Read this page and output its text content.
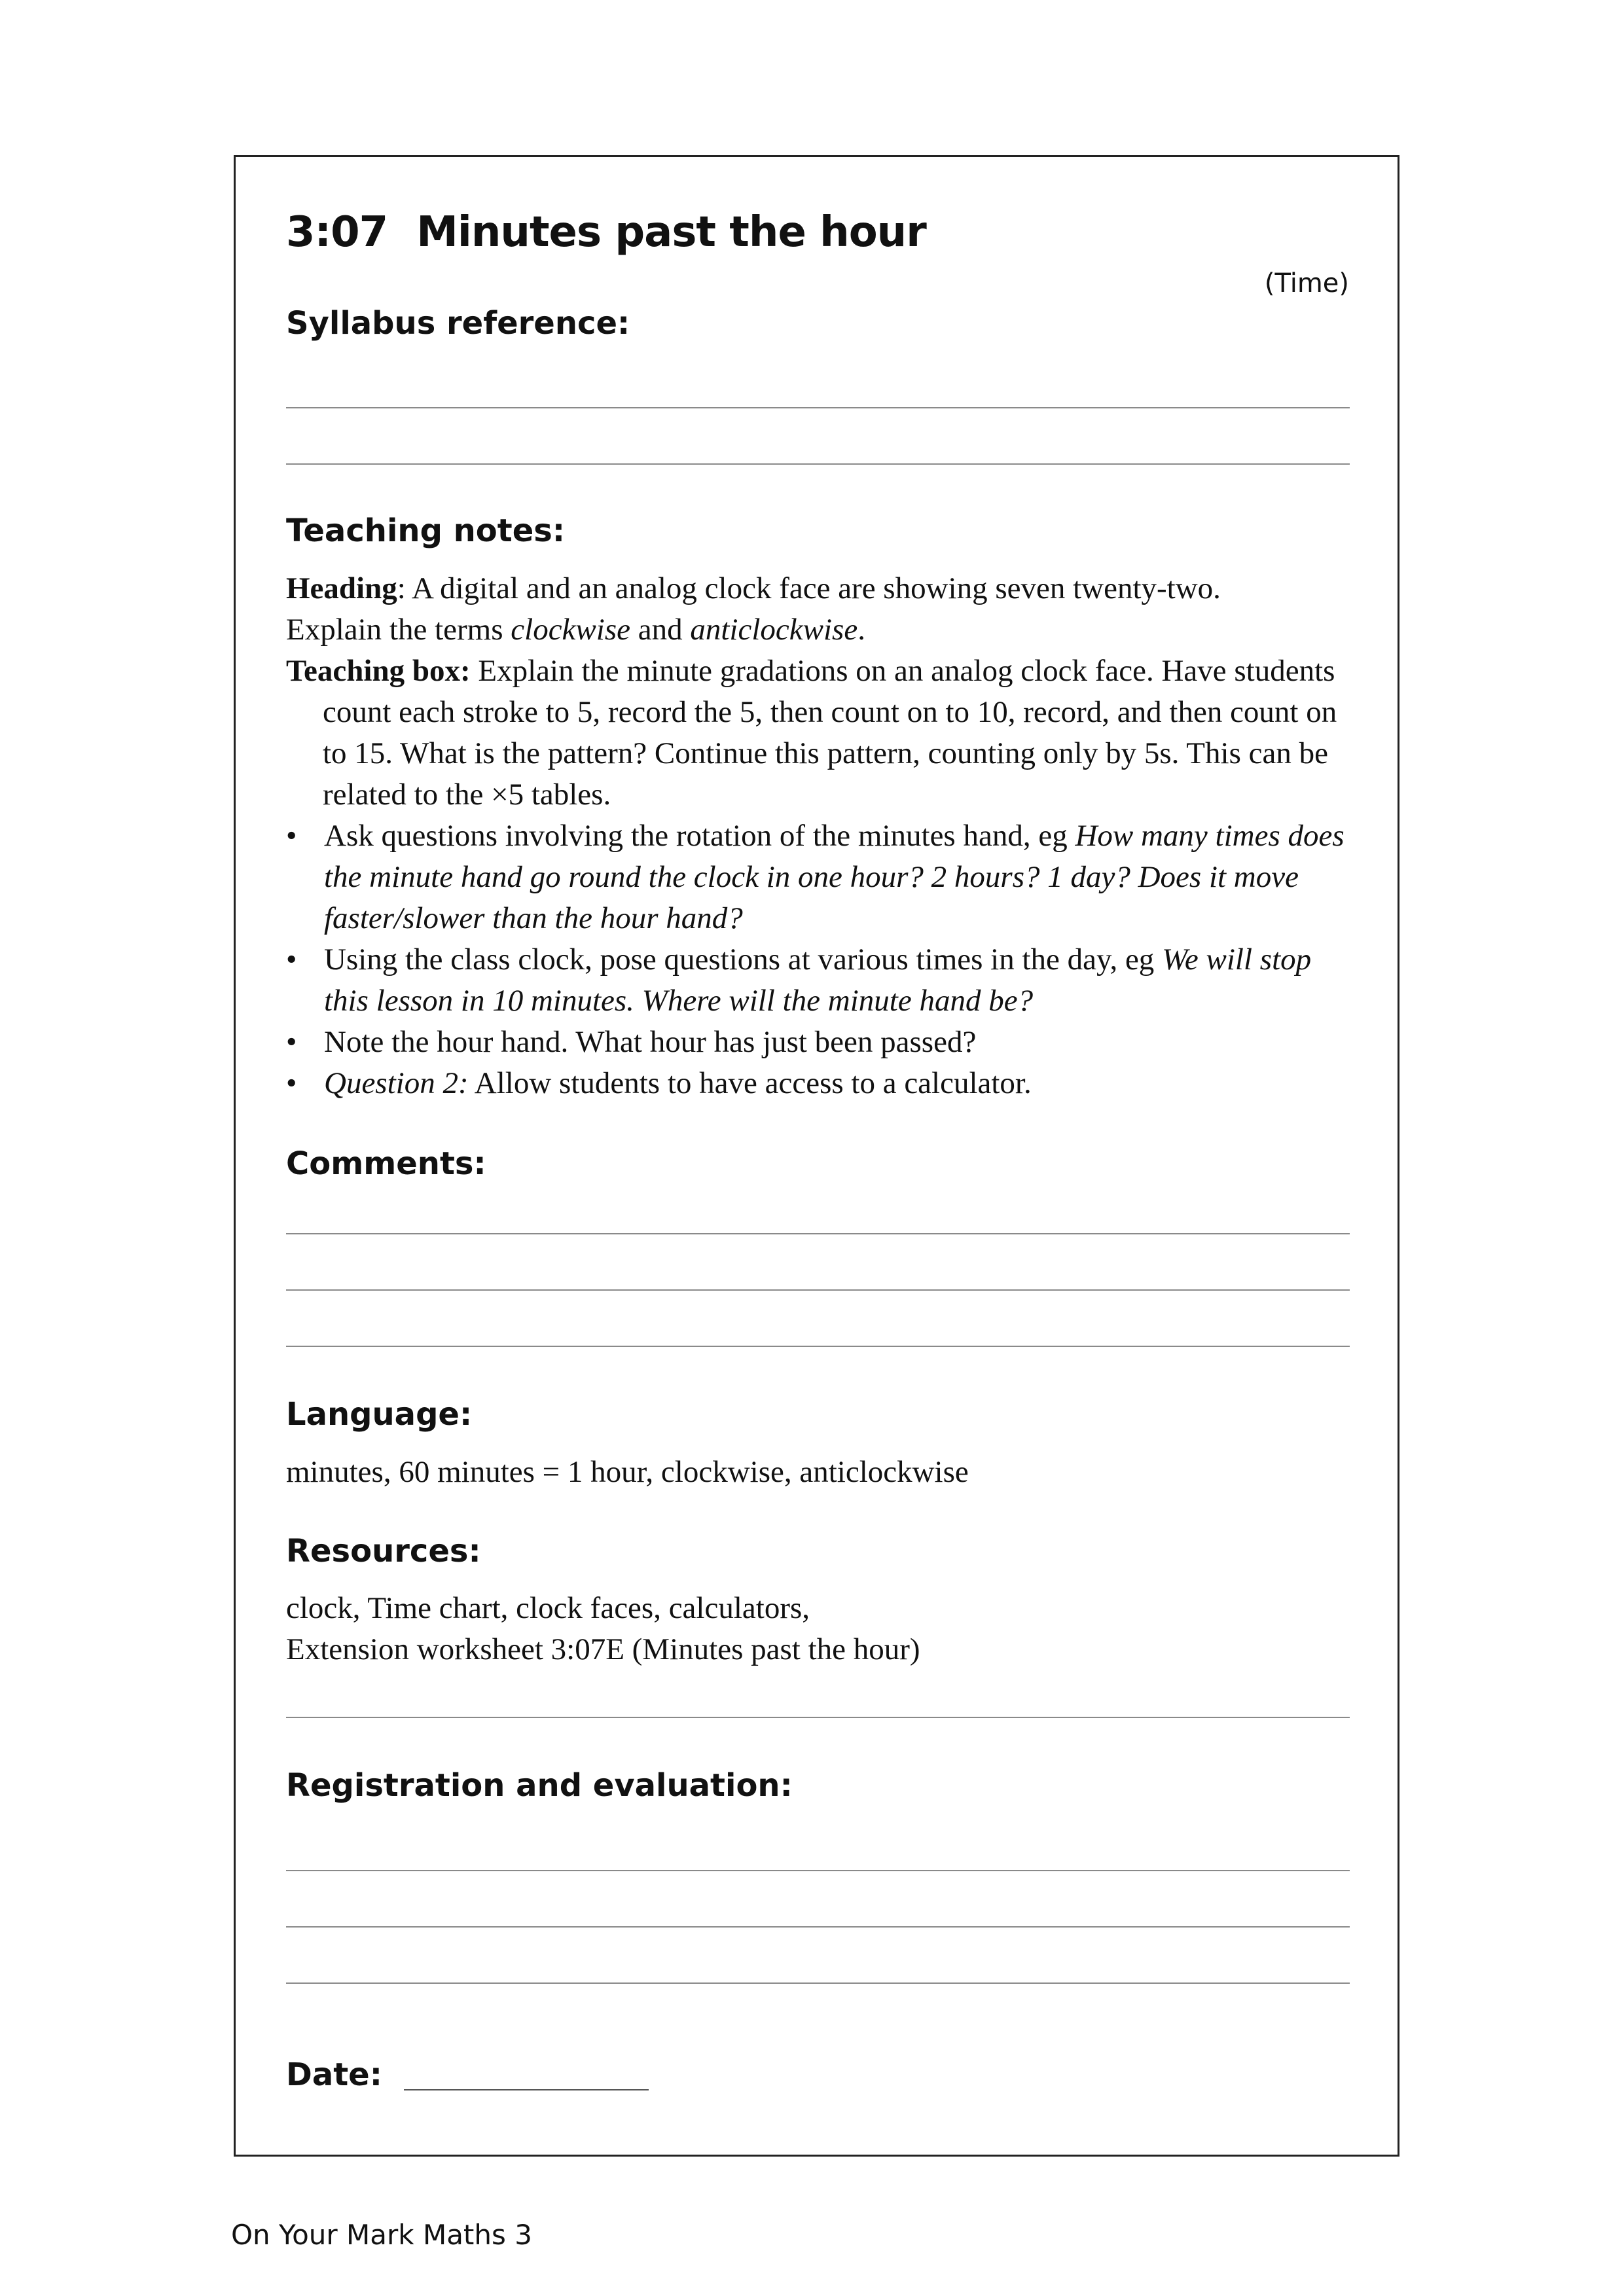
3:07 Minutes past the hour
(Time)
Syllabus reference:
Teaching notes:

Heading: A digital and an analog clock face are showing seven twenty-two.

Explain the terms clockwise and anticlockwise.

Teaching box: Explain the minute gradations on an analog clock face. Have students count each stroke to 5, record the 5, then count on to 10, record, and then count on to 15. What is the pattern? Continue this pattern, counting only by 5s. This can be related to the ×5 tables.

• Ask questions involving the rotation of the minutes hand, eg How many times does the minute hand go round the clock in one hour? 2 hours? 1 day? Does it move faster/slower than the hour hand?

• Using the class clock, pose questions at various times in the day, eg We will stop this lesson in 10 minutes. Where will the minute hand be?

• Note the hour hand. What hour has just been passed?

• Question 2: Allow students to have access to a calculator.

Comments:
Language:
minutes, 60 minutes = 1 hour, clockwise, anticlockwise
Resources:

clock, Time chart, clock faces, calculators,

Extension worksheet 3:07E (Minutes past the hour)

Registration and evaluation:
Date:
On Your Mark Maths 3
